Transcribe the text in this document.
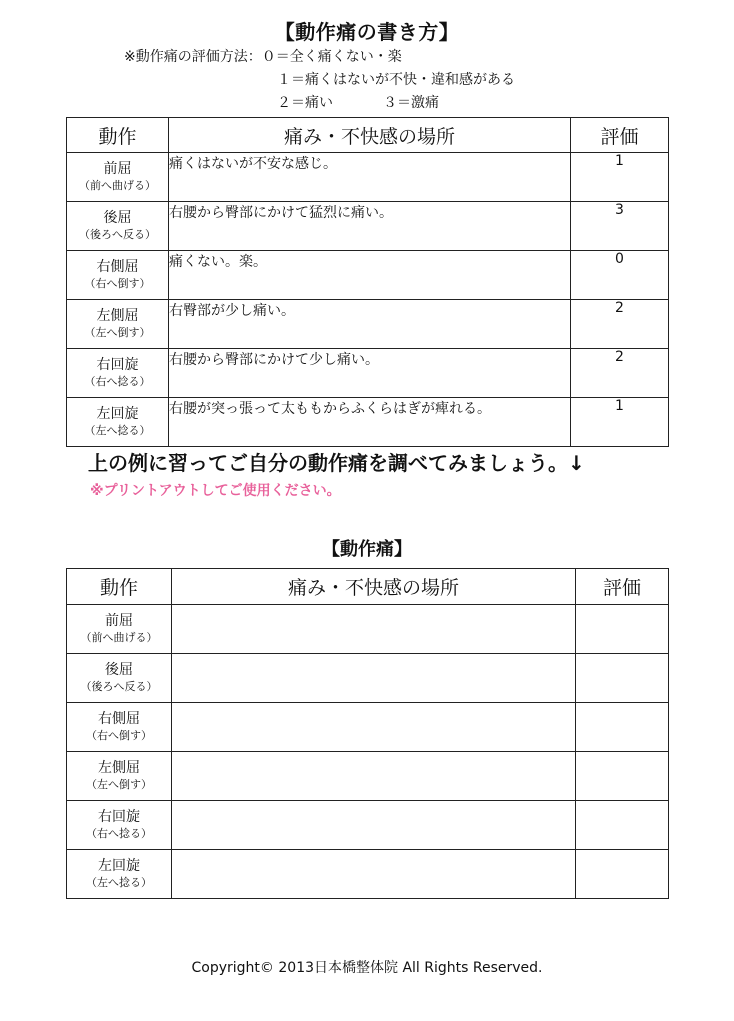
【動作痛の書き方】
※動作痛の評価方法：０＝全く痛くない・楽
１＝痛くはないが不快・違和感がある
２＝痛い	３＝激痛
動作	痛み・不快感の場所	評価

前屈
（前へ曲げる）	痛くはないが不安な感じ。	1

後屈
（後ろへ反る）	右腰から臀部にかけて猛烈に痛い。	3

右側屈
（右へ倒す）	痛くない。楽。	0

左側屈
（左へ倒す）	右臀部が少し痛い。	2

右回旋
（右へ捻る）	右腰から臀部にかけて少し痛い。	2

左回旋
（左へ捻る）	右腰が突っ張って太ももからふくらはぎが痺れる。	1
上の例に習ってご自分の動作痛を調べてみましょう。↓
※プリントアウトしてご使用ください。
【動作痛】
動作	痛み・不快感の場所	評価

前屈
（前へ曲げる）		

後屈
（後ろへ反る）		

右側屈
（右へ倒す）		

左側屈
（左へ倒す）		

右回旋
（右へ捻る）		

左回旋
（左へ捻る）		

Copyright© 2013日本橋整体院 All Rights Reserved.
